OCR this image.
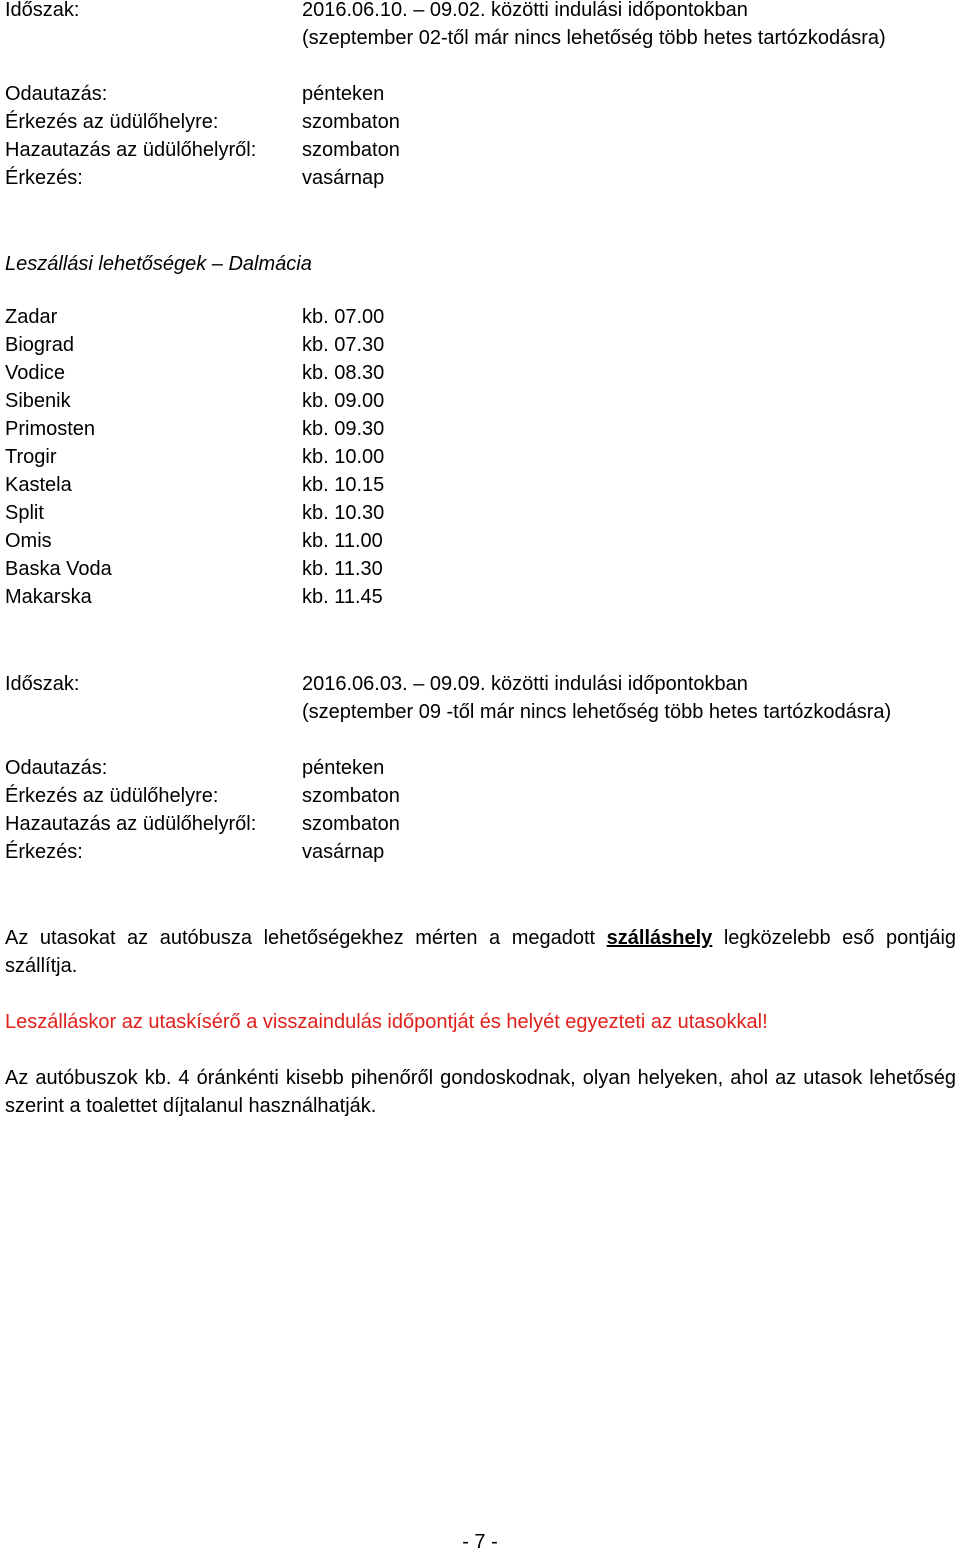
Időszak:	2016.06.10. – 09.02. közötti indulási időpontokban
(szeptember 02-től már nincs lehetőség több hetes tartózkodásra)
Odautazás:	pénteken
Érkezés az üdülőhelyre:	szombaton
Hazautazás az üdülőhelyről: szombaton
Érkezés:	vasárnap
Leszállási lehetőségek – Dalmácia
Zadar	kb. 07.00
Biograd	kb. 07.30
Vodice	kb. 08.30
Sibenik	kb. 09.00
Primosten	kb. 09.30
Trogir	kb. 10.00
Kastela	kb. 10.15
Split	kb. 10.30
Omis	kb. 11.00
Baska Voda	kb. 11.30
Makarska	kb. 11.45
Időszak:	2016.06.03. – 09.09. közötti indulási időpontokban
(szeptember 09 -től már nincs lehetőség több hetes tartózkodásra)
Odautazás:	pénteken
Érkezés az üdülőhelyre:	szombaton
Hazautazás az üdülőhelyről: szombaton
Érkezés:	vasárnap
Az utasokat az autóbusza lehetőségekhez mérten a megadott szálláshely legközelebb eső pontjáig szállítja.
Leszálláskor az utaskísérő a visszaindulás időpontját és helyét egyezteti az utasokkal!
Az autóbuszok kb. 4 óránkénti kisebb pihenőről gondoskodnak, olyan helyeken, ahol az utasok lehetőség szerint a toalettet díjtalanul használhatják.
- 7 -
